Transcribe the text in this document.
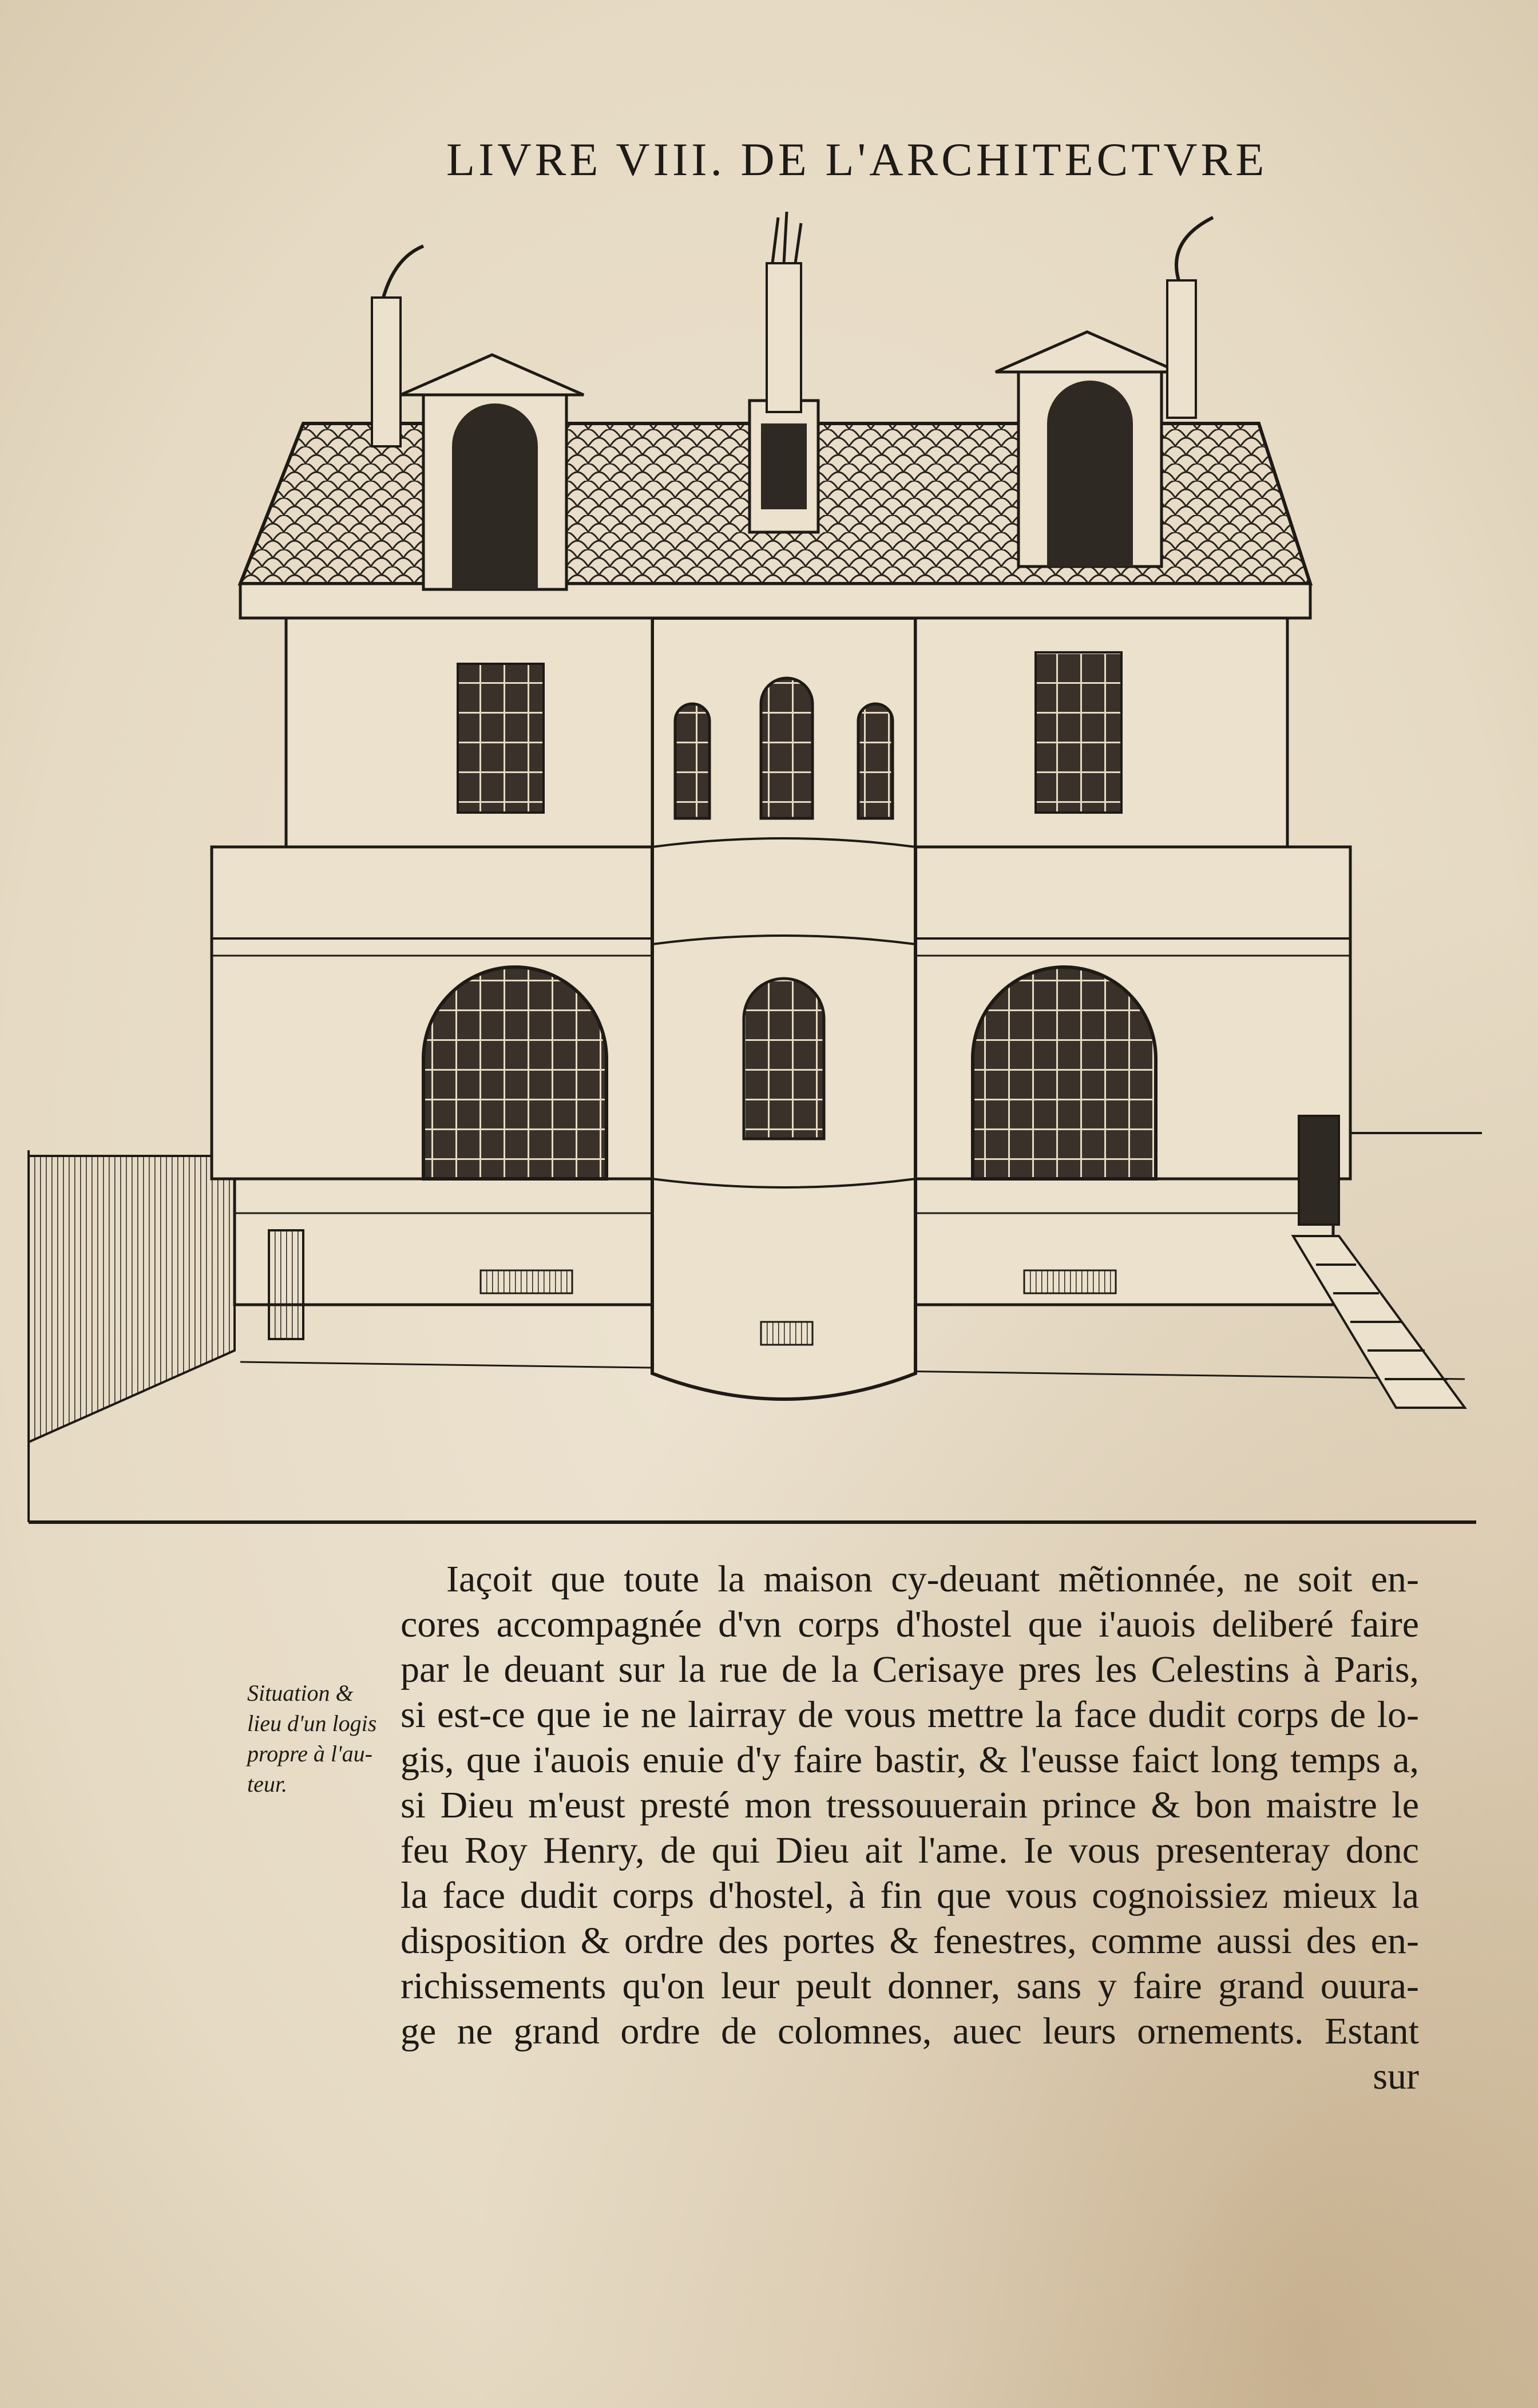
LIVRE VIII. DE L'ARCHITECTVRE
Situation &
lieu d'un logis
propre à l'au-
teur.
Iaçoit que toute la maison cy-deuant mẽtionnée, ne soit en-
cores accompagnée d'vn corps d'hostel que i'auois deliberé faire
par le deuant sur la rue de la Cerisaye pres les Celestins à Paris,
si est-ce que ie ne lairray de vous mettre la face dudit corps de lo-
gis, que i'auois enuie d'y faire bastir, & l'eusse faict long temps a,
si Dieu m'eust presté mon tressouuerain prince & bon maistre le
feu Roy Henry, de qui Dieu ait l'ame. Ie vous presenteray donc
la face dudit corps d'hostel, à fin que vous cognoissiez mieux la
disposition & ordre des portes & fenestres, comme aussi des en-
richissements qu'on leur peult donner, sans y faire grand ouura-
ge ne grand ordre de colomnes, auec leurs ornements. Estant
sur
